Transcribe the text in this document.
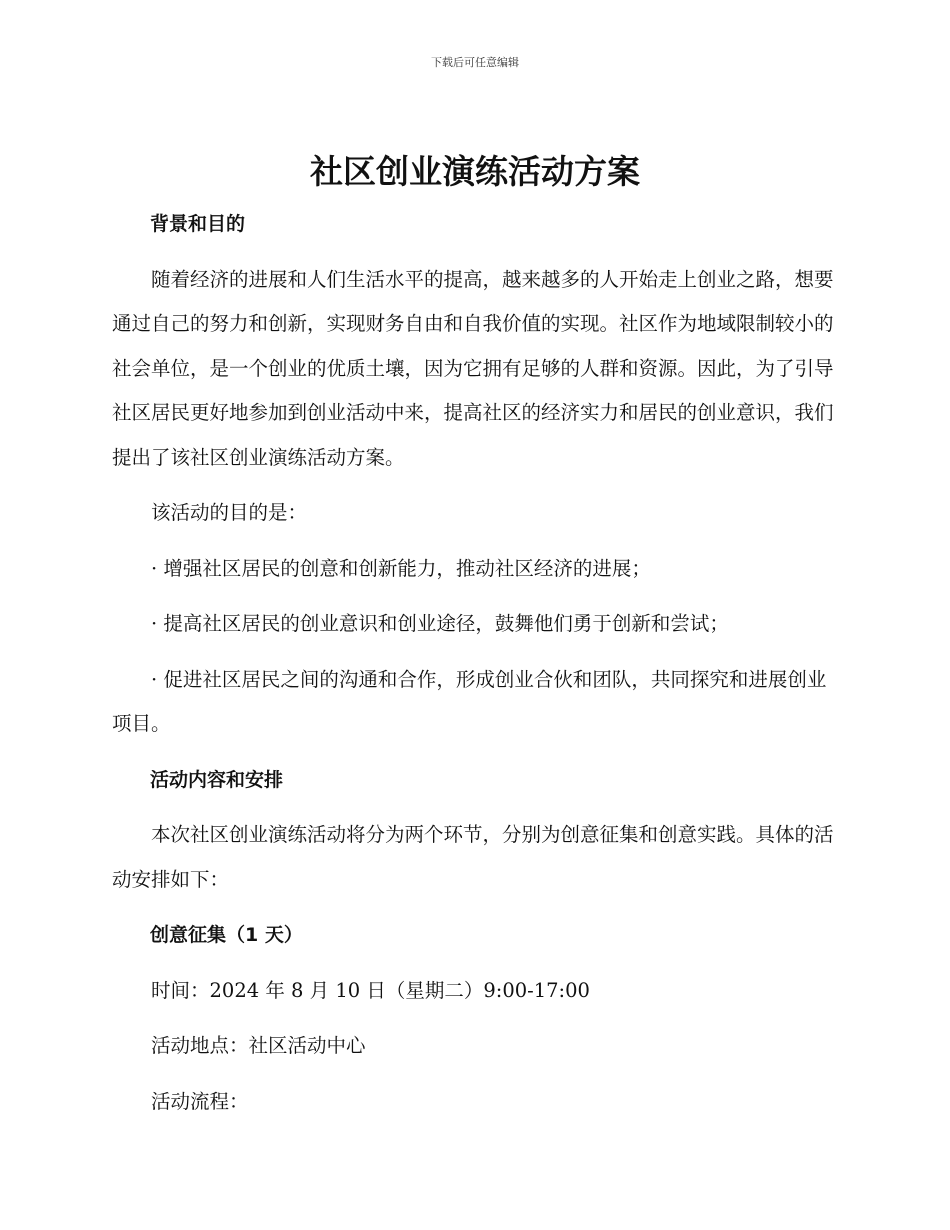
下载后可任意编辑
社区创业演练活动方案

背景和目的

随着经济的进展和人们生活水平的提高，越来越多的人开始走上创业之路，想要通过自己的努力和创新，实现财务自由和自我价值的实现。社区作为地域限制较小的社会单位，是一个创业的优质土壤，因为它拥有足够的人群和资源。因此，为了引导社区居民更好地参加到创业活动中来，提高社区的经济实力和居民的创业意识，我们提出了该社区创业演练活动方案。

该活动的目的是：

· 增强社区居民的创意和创新能力，推动社区经济的进展；

· 提高社区居民的创业意识和创业途径，鼓舞他们勇于创新和尝试；

· 促进社区居民之间的沟通和合作，形成创业合伙和团队，共同探究和进展创业项目。

活动内容和安排

本次社区创业演练活动将分为两个环节，分别为创意征集和创意实践。具体的活动安排如下：

创意征集（1 天）

时间：2024 年 8 月 10 日（星期二）9:00-17:00

活动地点：社区活动中心

活动流程：
